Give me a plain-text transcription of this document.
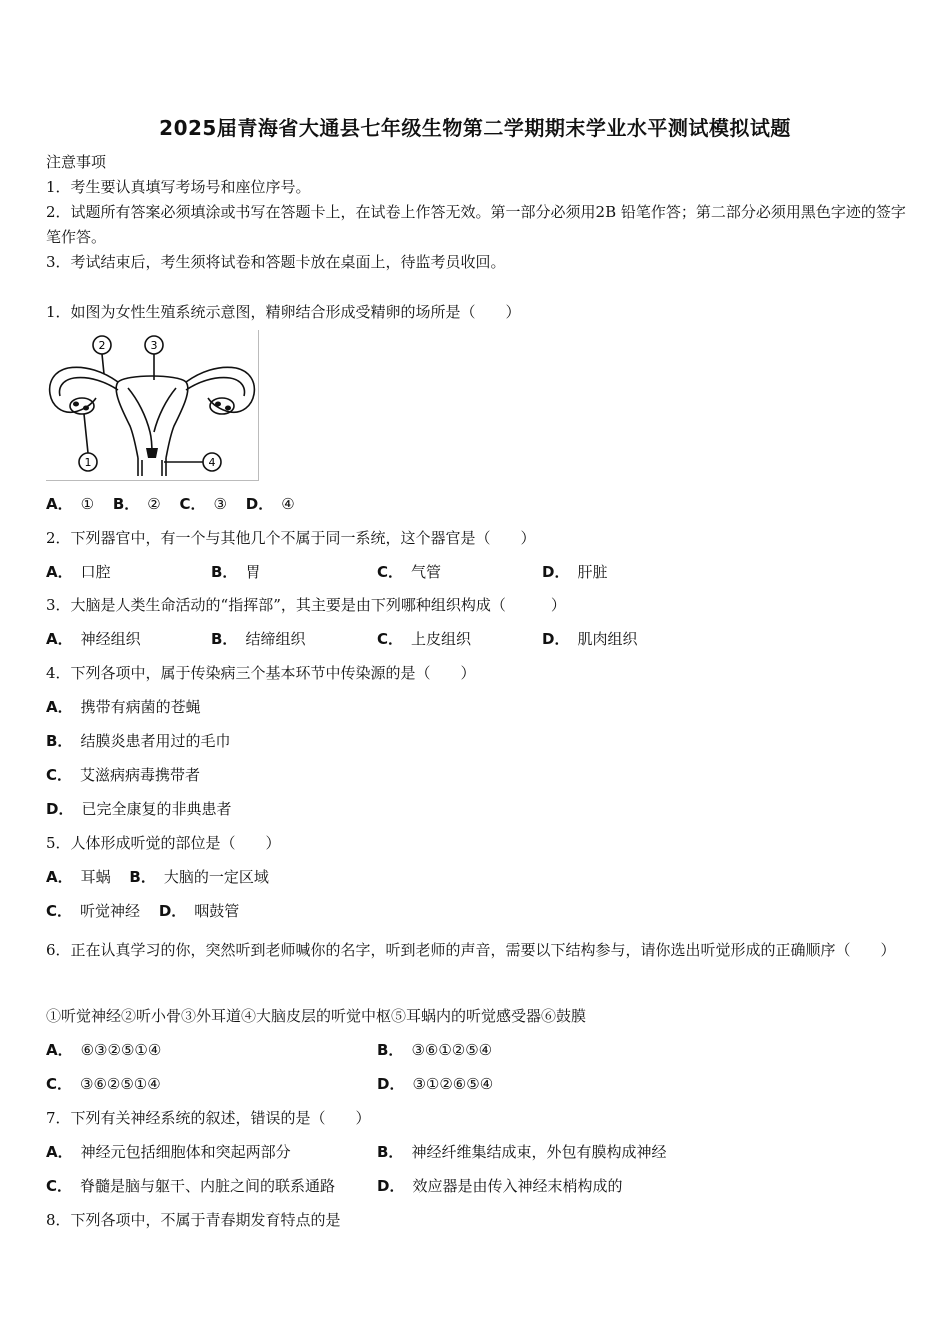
2025届青海省大通县七年级生物第二学期期末学业水平测试模拟试题
注意事项
1．考生要认真填写考场号和座位序号。
2．试题所有答案必须填涂或书写在答题卡上，在试卷上作答无效。第一部分必须用2B 铅笔作答；第二部分必须用黑色字迹的签字笔作答。
3．考试结束后，考生须将试卷和答题卡放在桌面上，待监考员收回。
1．如图为女性生殖系统示意图，精卵结合形成受精卵的场所是（　　）
1
2	3
4
A． ① B． ② C． ③ D． ④
2．下列器官中，有一个与其他几个不属于同一系统，这个器官是（　　）
A． 口腔	B． 胃	C． 气管	D． 肝脏
3．大脑是人类生命活动的“指挥部”，其主要是由下列哪种组织构成（　　　）
A． 神经组织	B． 结缔组织	C． 上皮组织	D． 肌肉组织
4．下列各项中，属于传染病三个基本环节中传染源的是（　　）
A． 携带有病菌的苍蝇
B． 结膜炎患者用过的毛巾
C． 艾滋病病毒携带者
D． 已完全康复的非典患者
5．人体形成听觉的部位是（　　）
A． 耳蜗 B． 大脑的一定区域
C． 听觉神经 D． 咽鼓管
6．正在认真学习的你，突然听到老师喊你的名字，听到老师的声音，需要以下结构参与，请你选出听觉形成的正确顺序（　　）
①听觉神经②听小骨③外耳道④大脑皮层的听觉中枢⑤耳蜗内的听觉感受器⑥鼓膜
A． ⑥③②⑤①④	B． ③⑥①②⑤④
C． ③⑥②⑤①④	D． ③①②⑥⑤④
7．下列有关神经系统的叙述，错误的是（　　）
A． 神经元包括细胞体和突起两部分	B． 神经纤维集结成束，外包有膜构成神经
C． 脊髓是脑与躯干、内脏之间的联系通路	D． 效应器是由传入神经末梢构成的
8．下列各项中，不属于青春期发育特点的是
